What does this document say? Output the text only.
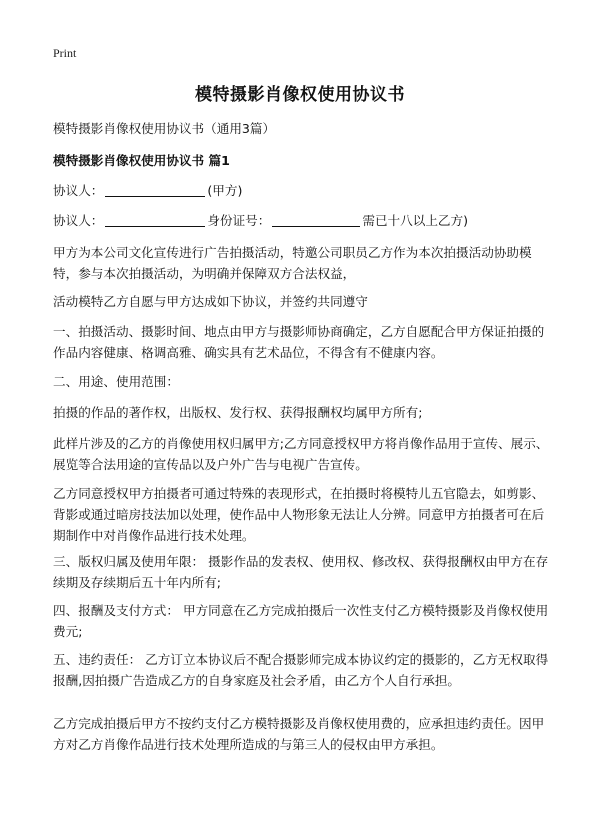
Print
模特摄影肖像权使用协议书
模特摄影肖像权使用协议书（通用3篇）
模特摄影肖像权使用协议书 篇1
协议人：	(甲方)
协议人：	身份证号：	需已十八以上乙方)
甲方为本公司文化宣传进行广告拍摄活动，特邀公司职员乙方作为本次拍摄活动协助模特，参与本次拍摄活动，为明确并保障双方合法权益，
活动模特乙方自愿与甲方达成如下协议，并签约共同遵守
一、拍摄活动、摄影时间、地点由甲方与摄影师协商确定，乙方自愿配合甲方保证拍摄的作品内容健康、格调高雅、确实具有艺术品位，不得含有不健康内容。
二、用途、使用范围：
拍摄的作品的著作权，出版权、发行权、获得报酬权均属甲方所有;
此样片涉及的乙方的肖像使用权归属甲方;乙方同意授权甲方将肖像作品用于宣传、展示、展览等合法用途的宣传品以及户外广告与电视广告宣传。
乙方同意授权甲方拍摄者可通过特殊的表现形式，在拍摄时将模特儿五官隐去，如剪影、背影或通过暗房技法加以处理，使作品中人物形象无法让人分辨。同意甲方拍摄者可在后期制作中对肖像作品进行技术处理。
三、版权归属及使用年限： 摄影作品的发表权、使用权、修改权、获得报酬权由甲方在存续期及存续期后五十年内所有;
四、报酬及支付方式： 甲方同意在乙方完成拍摄后一次性支付乙方模特摄影及肖像权使用费元;
五、违约责任： 乙方订立本协议后不配合摄影师完成本协议约定的摄影的，乙方无权取得报酬,因拍摄广告造成乙方的自身家庭及社会矛盾，由乙方个人自行承担。
乙方完成拍摄后甲方不按约支付乙方模特摄影及肖像权使用费的，应承担违约责任。因甲方对乙方肖像作品进行技术处理所造成的与第三人的侵权由甲方承担。
